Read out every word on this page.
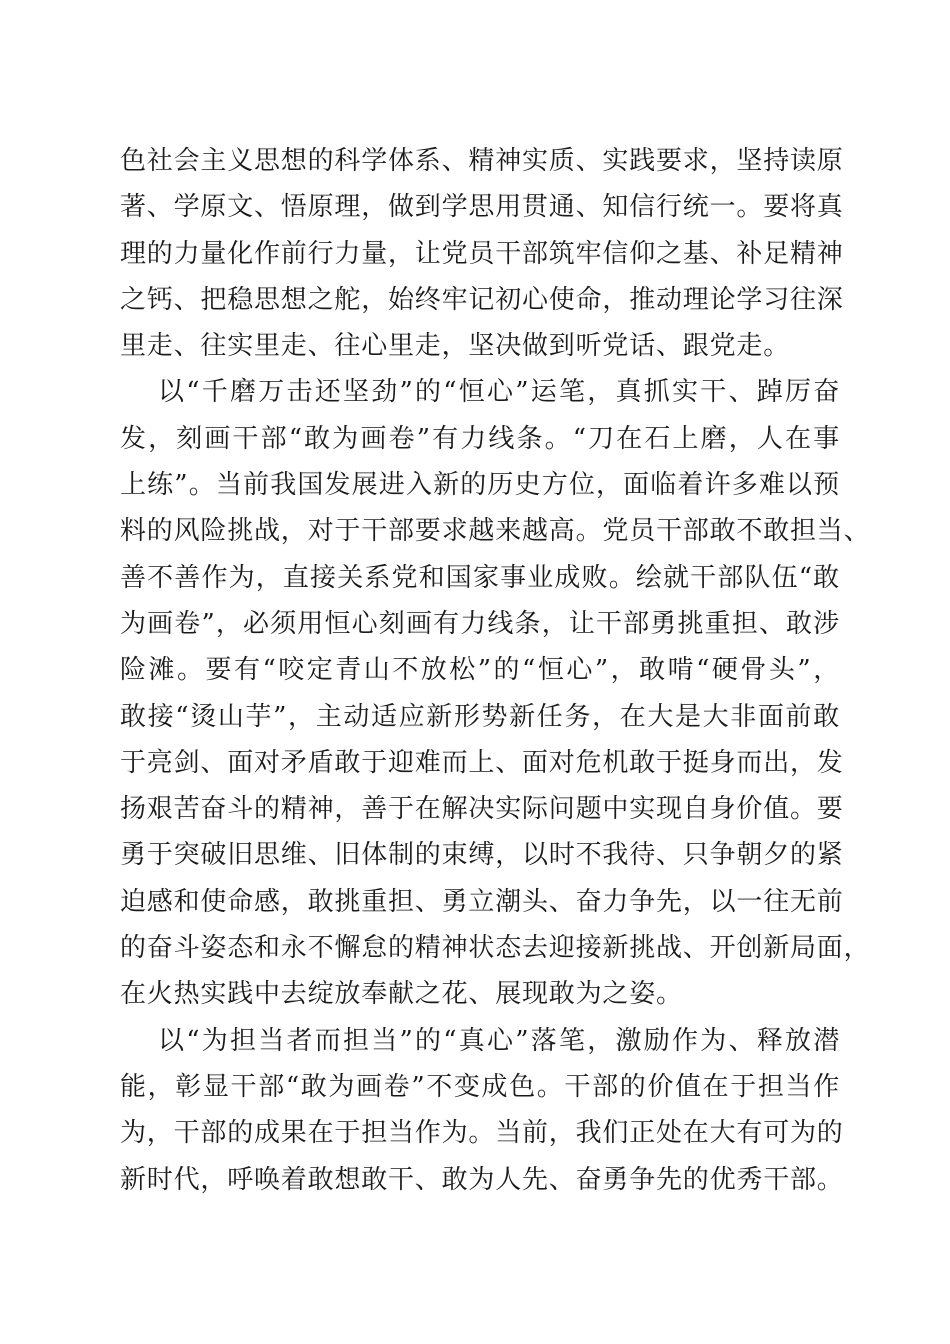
色社会主义思想的科学体系、精神实质、实践要求，坚持读原
著、学原文、悟原理，做到学思用贯通、知信行统一。要将真
理的力量化作前行力量，让党员干部筑牢信仰之基、补足精神
之钙、把稳思想之舵，始终牢记初心使命，推动理论学习往深
里走、往实里走、往心里走，坚决做到听党话、跟党走。
以“千磨万击还坚劲”的“恒心”运笔，真抓实干、踔厉奋
发，刻画干部“敢为画卷”有力线条。“刀在石上磨，人在事
上练”。当前我国发展进入新的历史方位，面临着许多难以预
料的风险挑战，对于干部要求越来越高。党员干部敢不敢担当、
善不善作为，直接关系党和国家事业成败。绘就干部队伍“敢
为画卷”，必须用恒心刻画有力线条，让干部勇挑重担、敢涉
险滩。要有“咬定青山不放松”的“恒心”，敢啃“硬骨头”，
敢接“烫山芋”，主动适应新形势新任务，在大是大非面前敢
于亮剑、面对矛盾敢于迎难而上、面对危机敢于挺身而出，发
扬艰苦奋斗的精神，善于在解决实际问题中实现自身价值。要
勇于突破旧思维、旧体制的束缚，以时不我待、只争朝夕的紧
迫感和使命感，敢挑重担、勇立潮头、奋力争先，以一往无前
的奋斗姿态和永不懈怠的精神状态去迎接新挑战、开创新局面，
在火热实践中去绽放奉献之花、展现敢为之姿。
以“为担当者而担当”的“真心”落笔，激励作为、释放潜
能，彰显干部“敢为画卷”不变成色。干部的价值在于担当作
为，干部的成果在于担当作为。当前，我们正处在大有可为的
新时代，呼唤着敢想敢干、敢为人先、奋勇争先的优秀干部。
